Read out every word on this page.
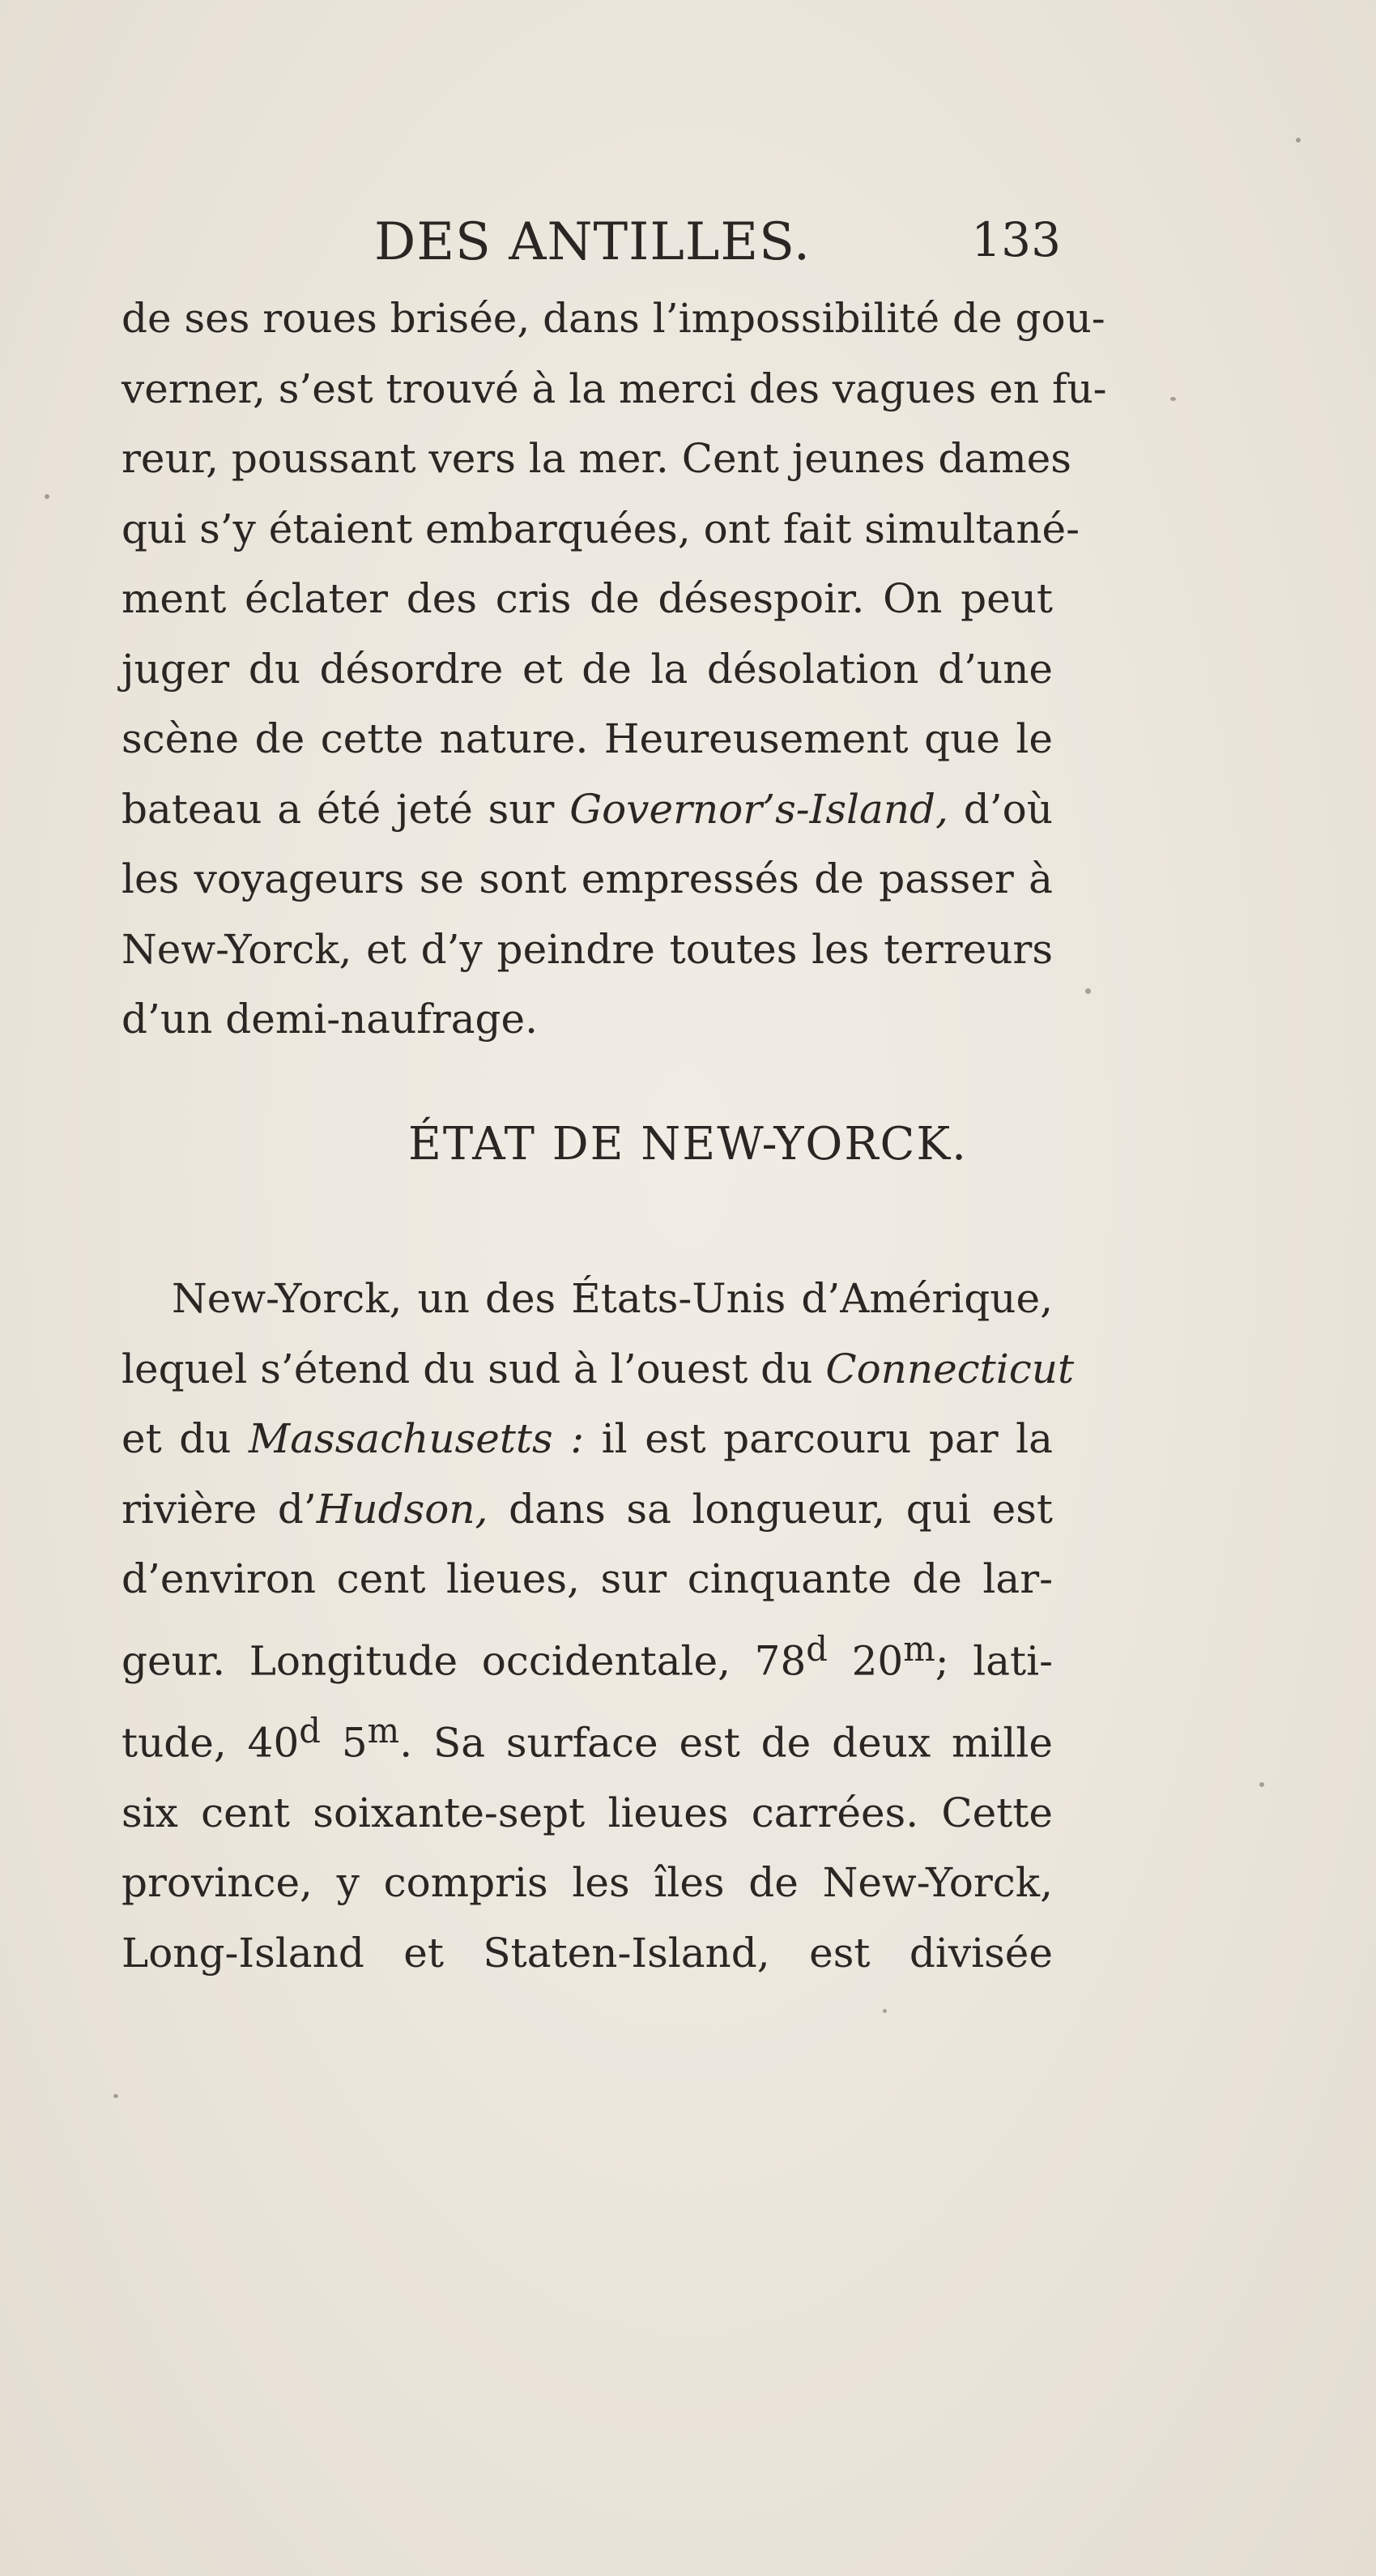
DES ANTILLES.	133
de ses roues brisée, dans l’impossibilité de gou-
verner, s’est trouvé à la merci des vagues en fu-
reur, poussant vers la mer. Cent jeunes dames
qui s’y étaient embarquées, ont fait simultané-
ment éclater des cris de désespoir. On peut
juger du désordre et de la désolation d’une
scène de cette nature. Heureusement que le
bateau a été jeté sur Governor’s-Island, d’où
les voyageurs se sont empressés de passer à
New-Yorck, et d’y peindre toutes les terreurs
d’un demi-naufrage.
ÉTAT DE NEW-YORCK.
New-Yorck, un des États-Unis d’Amérique,
lequel s’étend du sud à l’ouest du Connecticut
et du Massachusetts : il est parcouru par la
rivière d’Hudson, dans sa longueur, qui est
d’environ cent lieues, sur cinquante de lar-
geur. Longitude occidentale, 78$^d$ 20$^m$; lati-
tude, 40$^d$ 5$^m$. Sa surface est de deux mille
six cent soixante-sept lieues carrées. Cette
province, y compris les îles de New-Yorck,
Long-Island et Staten-Island, est divisée
